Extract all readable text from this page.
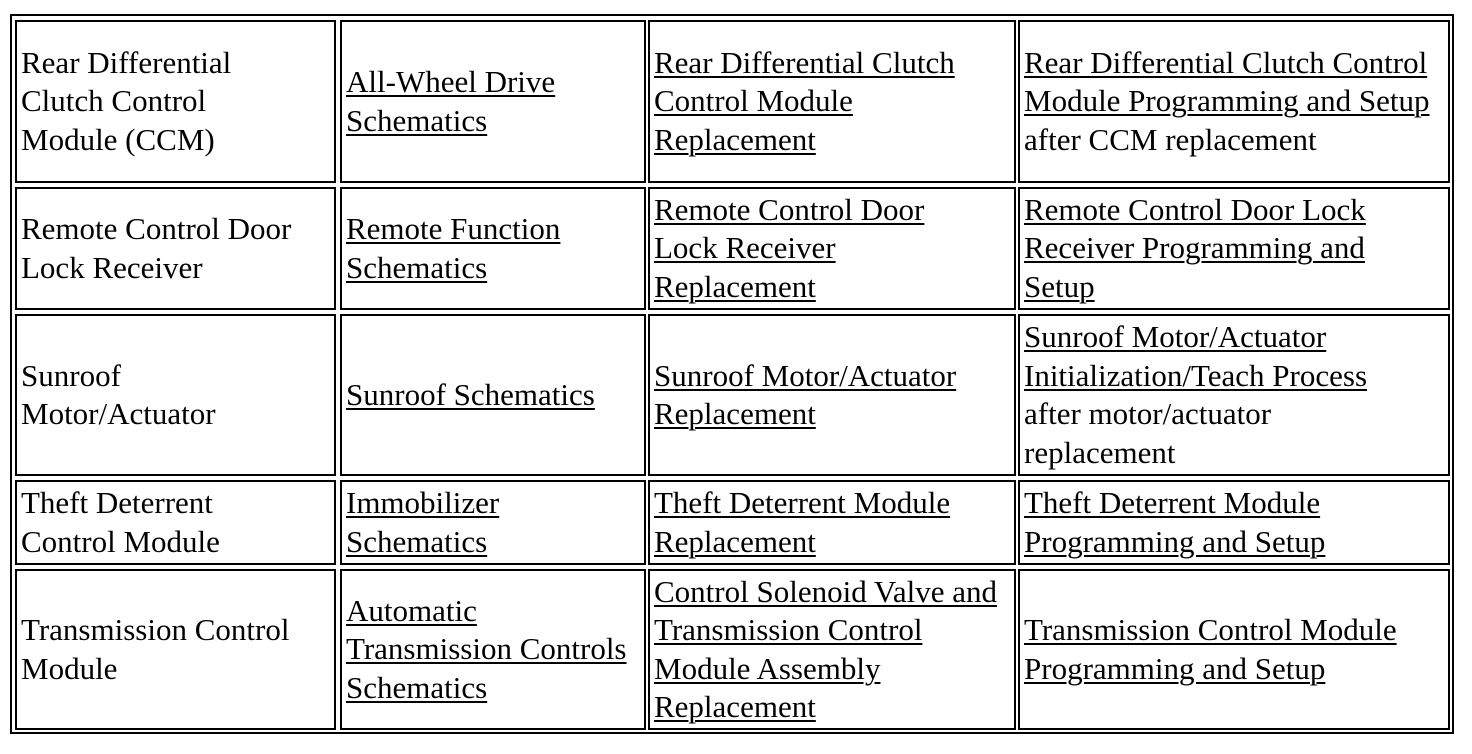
Rear Differential Clutch Control Module (CCM)
All-Wheel Drive Schematics
Rear Differential Clutch Control Module Replacement
Rear Differential Clutch Control Module Programming and Setup after CCM replacement
Remote Control Door Lock Receiver
Remote Function Schematics
Remote Control Door Lock Receiver Replacement
Remote Control Door Lock Receiver Programming and Setup
Sunroof Motor/Actuator
Sunroof Schematics
Sunroof Motor/Actuator Replacement
Sunroof Motor/Actuator Initialization/Teach Process after motor/actuator replacement
Theft Deterrent Control Module
Immobilizer Schematics
Theft Deterrent Module Replacement
Theft Deterrent Module Programming and Setup
Transmission Control Module
Automatic Transmission Controls Schematics
Control Solenoid Valve and Transmission Control Module Assembly Replacement
Transmission Control Module Programming and Setup
